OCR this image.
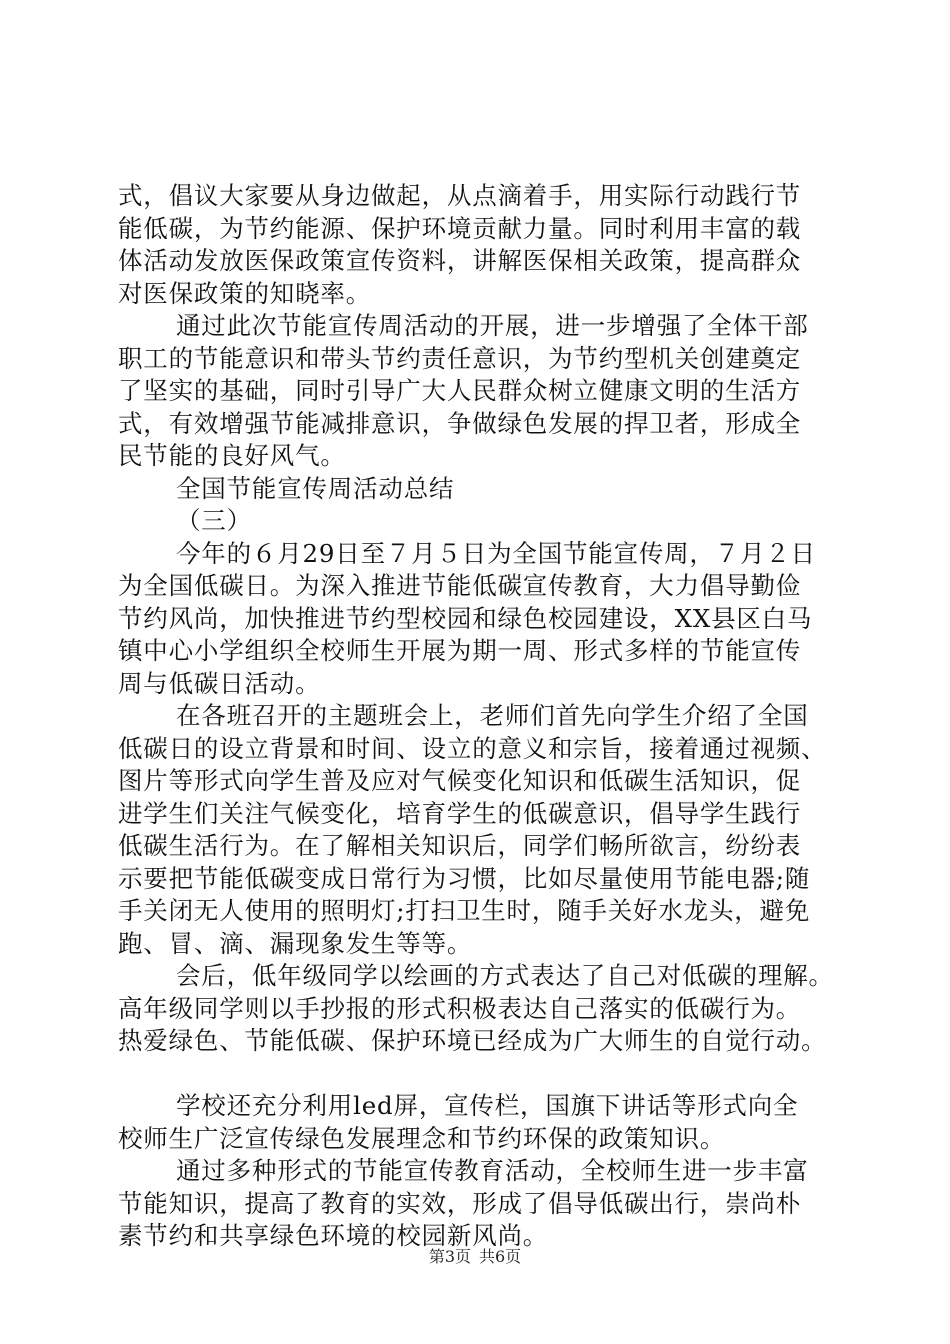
式，倡议大家要从身边做起，从点滴着手，用实际行动践行节
能低碳，为节约能源、保护环境贡献力量。同时利用丰富的载
体活动发放医保政策宣传资料，讲解医保相关政策，提高群众
对医保政策的知晓率。
通过此次节能宣传周活动的开展，进一步增强了全体干部
职工的节能意识和带头节约责任意识，为节约型机关创建奠定
了坚实的基础，同时引导广大人民群众树立健康文明的生活方
式，有效增强节能减排意识，争做绿色发展的捍卫者，形成全
民节能的良好风气。
全国节能宣传周活动总结
（三）
今年的６月29日至７月５日为全国节能宣传周，７月２日
为全国低碳日。为深入推进节能低碳宣传教育，大力倡导勤俭
节约风尚，加快推进节约型校园和绿色校园建设，XX县区白马
镇中心小学组织全校师生开展为期一周、形式多样的节能宣传
周与低碳日活动。
在各班召开的主题班会上，老师们首先向学生介绍了全国
低碳日的设立背景和时间、设立的意义和宗旨，接着通过视频、
图片等形式向学生普及应对气候变化知识和低碳生活知识，促
进学生们关注气候变化，培育学生的低碳意识，倡导学生践行
低碳生活行为。在了解相关知识后，同学们畅所欲言，纷纷表
示要把节能低碳变成日常行为习惯，比如尽量使用节能电器;随
手关闭无人使用的照明灯;打扫卫生时，随手关好水龙头，避免
跑、冒、滴、漏现象发生等等。
会后，低年级同学以绘画的方式表达了自己对低碳的理解。
高年级同学则以手抄报的形式积极表达自己落实的低碳行为。
热爱绿色、节能低碳、保护环境已经成为广大师生的自觉行动。
学校还充分利用led屏，宣传栏，国旗下讲话等形式向全
校师生广泛宣传绿色发展理念和节约环保的政策知识。
通过多种形式的节能宣传教育活动，全校师生进一步丰富
节能知识，提高了教育的实效，形成了倡导低碳出行，崇尚朴
素节约和共享绿色环境的校园新风尚。
第3页 共6页
